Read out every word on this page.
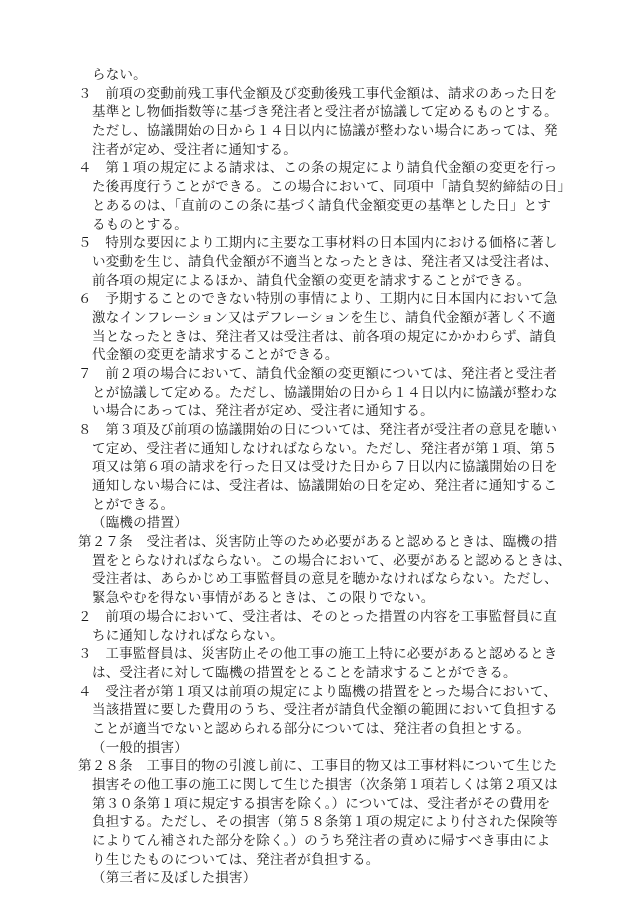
らない。
３　前項の変動前残工事代金額及び変動後残工事代金額は、請求のあった日を
基準とし物価指数等に基づき発注者と受注者が協議して定めるものとする。
ただし、協議開始の日から１４日以内に協議が整わない場合にあっては、発
注者が定め、受注者に通知する。
４　第１項の規定による請求は、この条の規定により請負代金額の変更を行っ
た後再度行うことができる。この場合において、同項中「請負契約締結の日」
とあるのは、「直前のこの条に基づく請負代金額変更の基準とした日」とす
るものとする。
５　特別な要因により工期内に主要な工事材料の日本国内における価格に著し
い変動を生じ、請負代金額が不適当となったときは、発注者又は受注者は、
前各項の規定によるほか、請負代金額の変更を請求することができる。
６　予期することのできない特別の事情により、工期内に日本国内において急
激なインフレーション又はデフレーションを生じ、請負代金額が著しく不適
当となったときは、発注者又は受注者は、前各項の規定にかかわらず、請負
代金額の変更を請求することができる。
７　前２項の場合において、請負代金額の変更額については、発注者と受注者
とが協議して定める。ただし、協議開始の日から１４日以内に協議が整わな
い場合にあっては、発注者が定め、受注者に通知する。
８　第３項及び前項の協議開始の日については、発注者が受注者の意見を聴い
て定め、受注者に通知しなければならない。ただし、発注者が第１項、第５
項又は第６項の請求を行った日又は受けた日から７日以内に協議開始の日を
通知しない場合には、受注者は、協議開始の日を定め、発注者に通知するこ
とができる。
（臨機の措置）
第２７条　受注者は、災害防止等のため必要があると認めるときは、臨機の措
置をとらなければならない。この場合において、必要があると認めるときは、
受注者は、あらかじめ工事監督員の意見を聴かなければならない。ただし、
緊急やむを得ない事情があるときは、この限りでない。
２　前項の場合において、受注者は、そのとった措置の内容を工事監督員に直
ちに通知しなければならない。
３　工事監督員は、災害防止その他工事の施工上特に必要があると認めるとき
は、受注者に対して臨機の措置をとることを請求することができる。
４　受注者が第１項又は前項の規定により臨機の措置をとった場合において、
当該措置に要した費用のうち、受注者が請負代金額の範囲において負担する
ことが適当でないと認められる部分については、発注者の負担とする。
（一般的損害）
第２８条　工事目的物の引渡し前に、工事目的物又は工事材料について生じた
損害その他工事の施工に関して生じた損害（次条第１項若しくは第２項又は
第３０条第１項に規定する損害を除く。）については、受注者がその費用を
負担する。ただし、その損害（第５８条第１項の規定により付された保険等
によりてん補された部分を除く。）のうち発注者の責めに帰すべき事由によ
り生じたものについては、発注者が負担する。
（第三者に及ぼした損害）
